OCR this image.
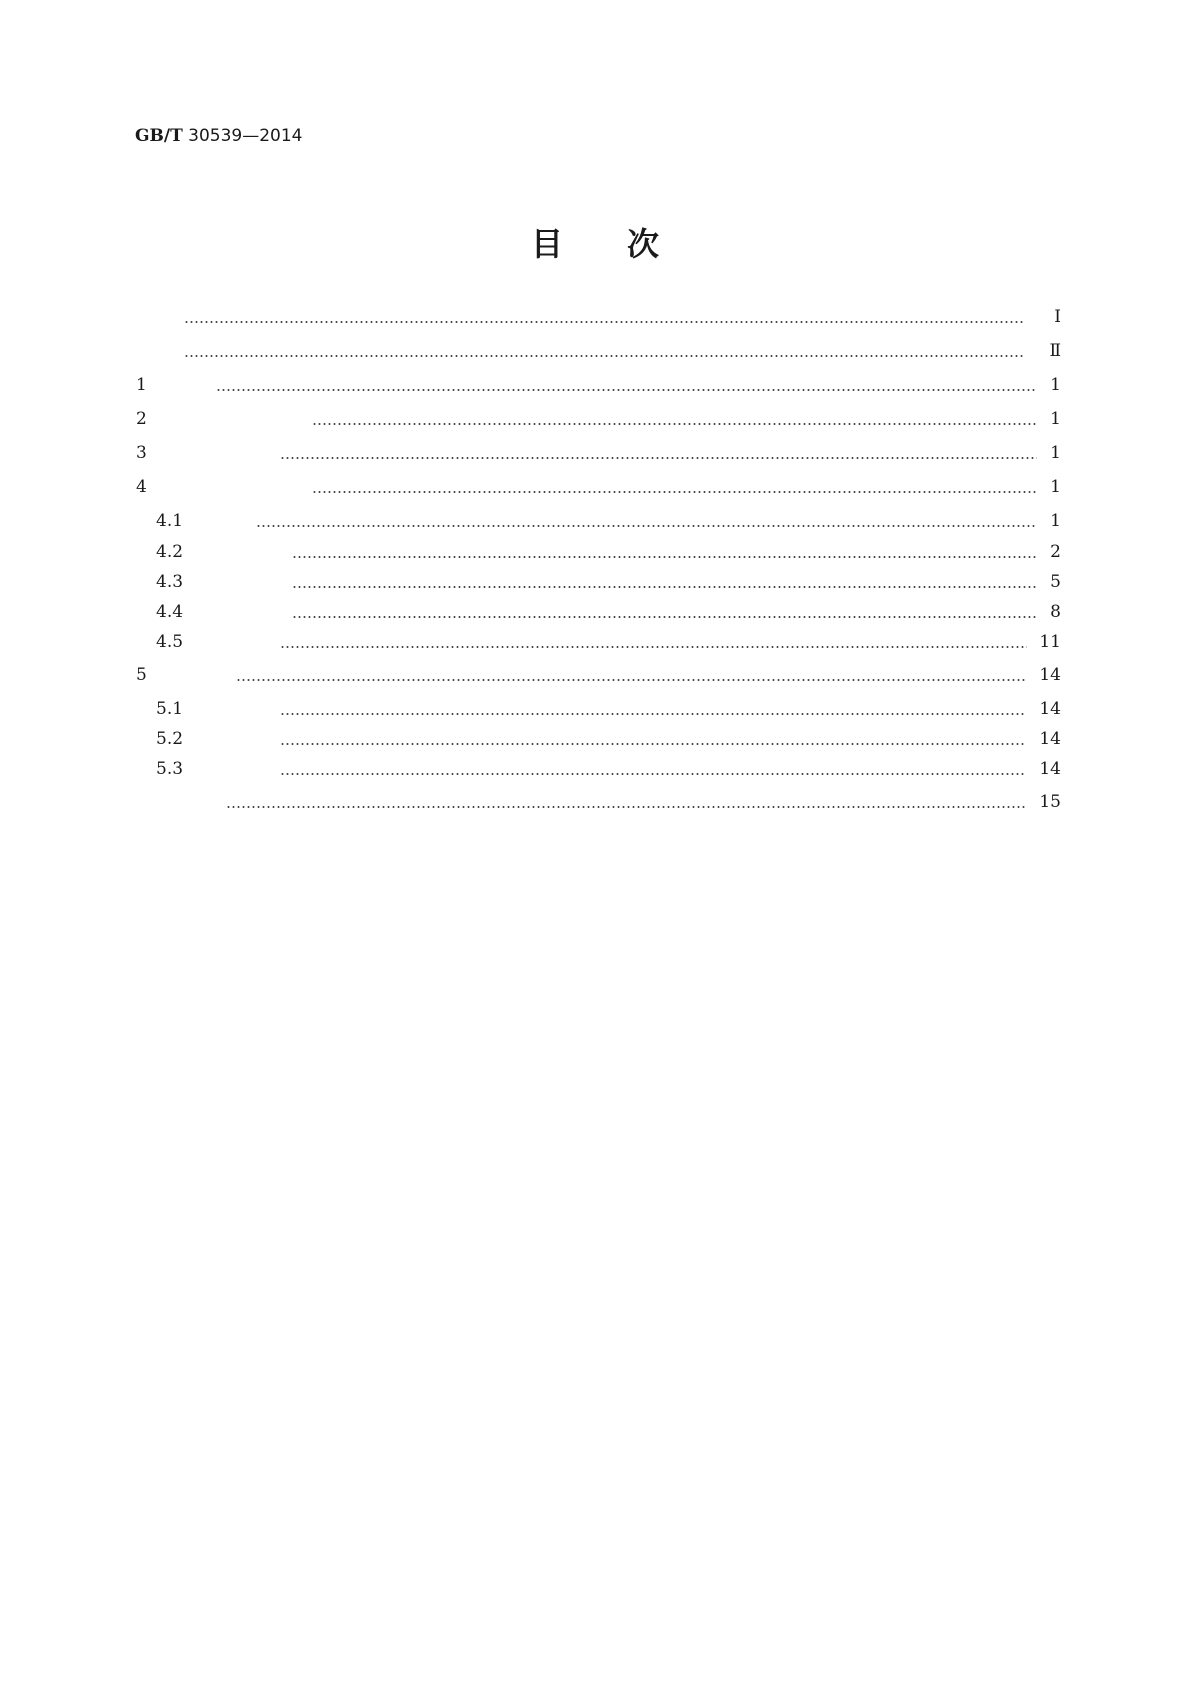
GB/T 30539—2014
目　　次
Ⅰ
Ⅱ
1	1
2	1
3	1
4	1
4.1	1
4.2	2
4.3	5
4.4	8
4.5	11
5	14
5.1	14
5.2	14
5.3	14
15
